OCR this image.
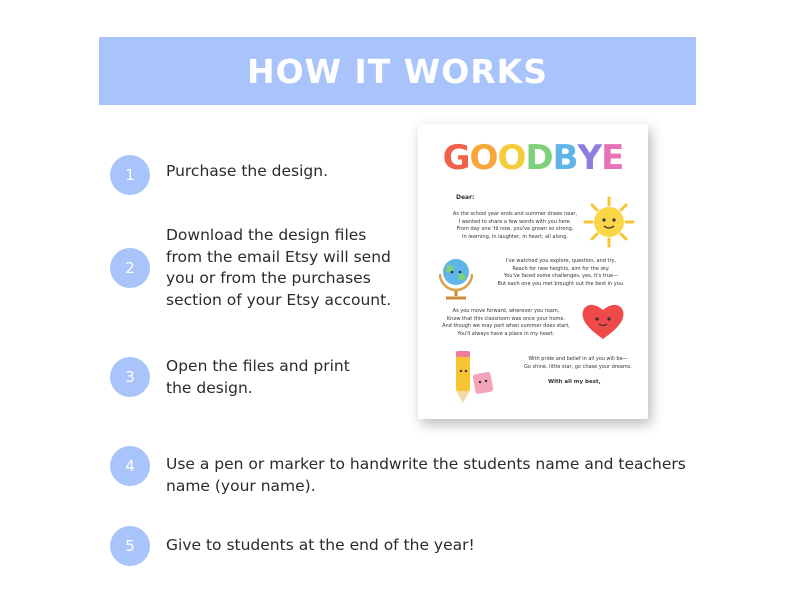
HOW IT WORKS
1	Purchase the design.
2
Download the design files
from the email Etsy will send
you or from the purchases
section of your Etsy account.
3
Open the files and print
the design.
4	Use a pen or marker to handwrite the students name and teachers
name (your name).
5	Give to students at the end of the year!
GOODBYE
Dear:
As the school year ends and summer draws near,
I wanted to share a few words with you here.
From day one 'til now, you've grown so strong,
In learning, in laughter, in heart, all along.
I've watched you explore, question, and try,
Reach for new heights, aim for the sky.
You've faced some challenges, yes, it's true—
But each one you met brought out the best in you.
As you move forward, wherever you roam,
Know that this classroom was once your home.
And though we may part when summer does start,
You'll always have a place in my heart.
With pride and belief in all you will be—
Go shine, little star, go chase your dreams.
With all my best,
